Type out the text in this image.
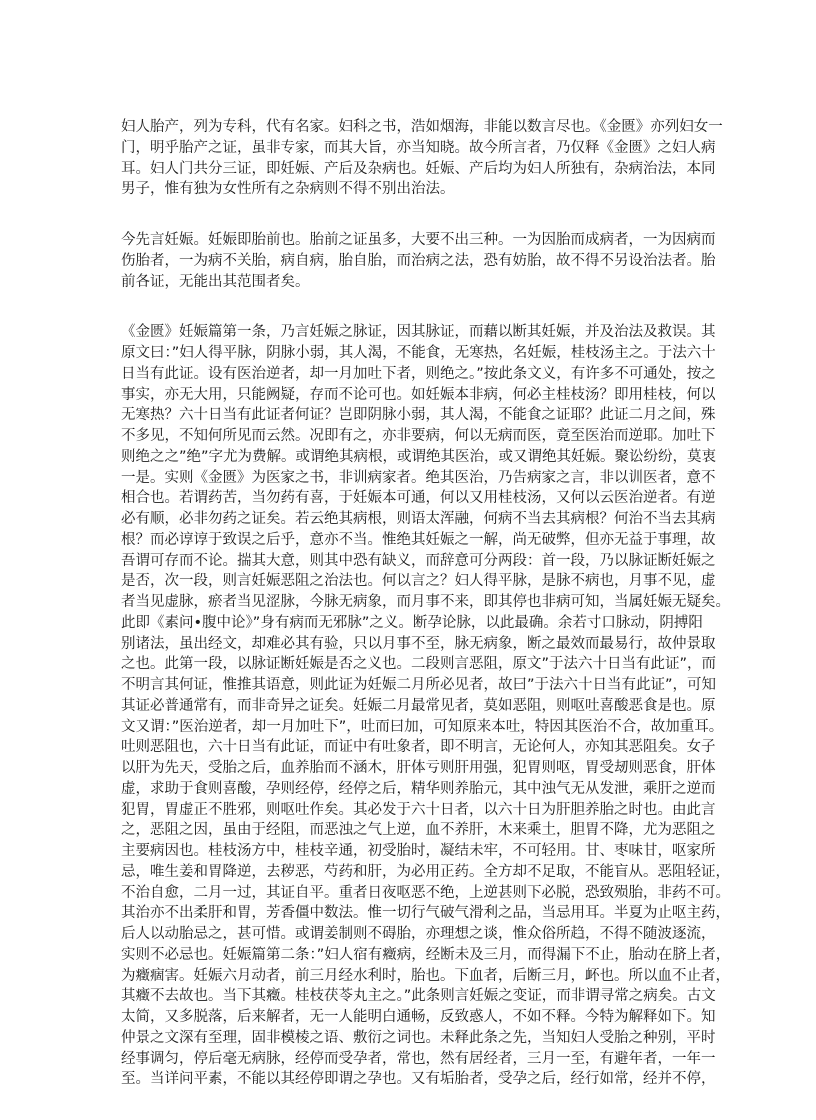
妇人胎产，列为专科，代有名家。妇科之书，浩如烟海，非能以数言尽也。《金匮》亦列妇女一
门，明乎胎产之证，虽非专家，而其大旨，亦当知晓。故今所言者，乃仅释《金匮》之妇人病
耳。妇人门共分三证，即妊娠、产后及杂病也。妊娠、产后均为妇人所独有，杂病治法，本同
男子，惟有独为女性所有之杂病则不得不别出治法。
今先言妊娠。妊娠即胎前也。胎前之证虽多，大要不出三种。一为因胎而成病者，一为因病而
伤胎者，一为病不关胎，病自病，胎自胎，而治病之法，恐有妨胎，故不得不另设治法者。胎
前各证，无能出其范围者矣。
《金匮》妊娠篇第一条，乃言妊娠之脉证，因其脉证，而藉以断其妊娠，并及治法及救误。其
原文曰：”妇人得平脉，阴脉小弱，其人渴，不能食，无寒热，名妊娠，桂枝汤主之。于法六十
日当有此证。设有医治逆者，却一月加吐下者，则绝之。”按此条文义，有许多不可通处，按之
事实，亦无大用，只能阙疑，存而不论可也。如妊娠本非病，何必主桂枝汤？即用桂枝，何以
无寒热？六十日当有此证者何证？岂即阴脉小弱，其人渴，不能食之证耶？此证二月之间，殊
不多见，不知何所见而云然。况即有之，亦非要病，何以无病而医，竟至医治而逆耶。加吐下
则绝之之”绝”字尤为费解。或谓绝其病根，或谓绝其医治，或又谓绝其妊娠。聚讼纷纷，莫衷
一是。实则《金匮》为医家之书，非训病家者。绝其医治，乃告病家之言，非以训医者，意不
相合也。若谓药苦，当勿药有喜，于妊娠本可通，何以又用桂枝汤，又何以云医治逆者。有逆
必有顺，必非勿药之证矣。若云绝其病根，则语太浑融，何病不当去其病根？何治不当去其病
根？而必谆谆于致误之后乎，意亦不当。惟绝其妊娠之一解，尚无破弊，但亦无益于事理，故
吾谓可存而不论。揣其大意，则其中恐有缺义，而辞意可分两段：首一段，乃以脉证断妊娠之
是否，次一段，则言妊娠恶阻之治法也。何以言之？妇人得平脉，是脉不病也，月事不见，虚
者当见虚脉，瘀者当见涩脉，今脉无病象，而月事不来，即其停也非病可知，当属妊娠无疑矣。
此即《素问•腹中论》”身有病而无邪脉”之义。断孕论脉，以此最确。余若寸口脉动，阴搏阳
别诸法，虽出经文，却难必其有验，只以月事不至，脉无病象，断之最效而最易行，故仲景取
之也。此第一段，以脉证断妊娠是否之义也。二段则言恶阻，原文”于法六十日当有此证”，而
不明言其何证，惟推其语意，则此证为妊娠二月所必见者，故曰”于法六十日当有此证”，可知
其证必普通常有，而非奇异之证矣。妊娠二月最常见者，莫如恶阻，则呕吐喜酸恶食是也。原
文又谓：”医治逆者，却一月加吐下”，吐而曰加，可知原来本吐，特因其医治不合，故加重耳。
吐则恶阻也，六十日当有此证，而证中有吐象者，即不明言，无论何人，亦知其恶阻矣。女子
以肝为先天，受胎之后，血养胎而不涵木，肝体亏则肝用强，犯胃则呕，胃受刼则恶食，肝体
虚，求助于食则喜酸，孕则经停，经停之后，精华则养胎元，其中浊气无从发泄，乘肝之逆而
犯胃，胃虚正不胜邪，则呕吐作矣。其必发于六十日者，以六十日为肝胆养胎之时也。由此言
之，恶阻之因，虽由于经阻，而恶浊之气上逆，血不养肝，木来乘土，胆胃不降，尤为恶阻之
主要病因也。桂枝汤方中，桂枝辛通，初受胎时，凝结未牢，不可轻用。甘、枣味甘，呕家所
忌，唯生姜和胃降逆，去秽恶，芍药和肝，为必用正药。全方却不足取，不能盲从。恶阻轻证，
不治自愈，二月一过，其证自平。重者日夜呕恶不绝，上逆甚则下必脱，恐致殒胎，非药不可。
其治亦不出柔肝和胃，芳香僵中数法。惟一切行气破气滑利之品，当忌用耳。半夏为止呕主药，
后人以动胎忌之，甚可惜。或谓姜制则不碍胎，亦理想之谈，惟众俗所趋，不得不随波逐流，
实则不必忌也。妊娠篇第二条：”妇人宿有癥病，经断未及三月，而得漏下不止，胎动在脐上者，
为癥痼害。妊娠六月动者，前三月经水利时，胎也。下血者，后断三月，衃也。所以血不止者，
其癥不去故也。当下其癥。桂枝茯苓丸主之。”此条则言妊娠之变证，而非谓寻常之病矣。古文
太简，又多脱落，后来解者，无一人能明白通畅，反致惑人，不如不释。今特为解释如下。知
仲景之文深有至理，固非模棱之语、敷衍之词也。未释此条之先，当知妇人受胎之种别，平时
经事调匀，停后毫无病脉，经停而受孕者，常也，然有居经者，三月一至，有避年者，一年一
至。当详问平素，不能以其经停即谓之孕也。又有垢胎者，受孕之后，经行如常，经并不停，
